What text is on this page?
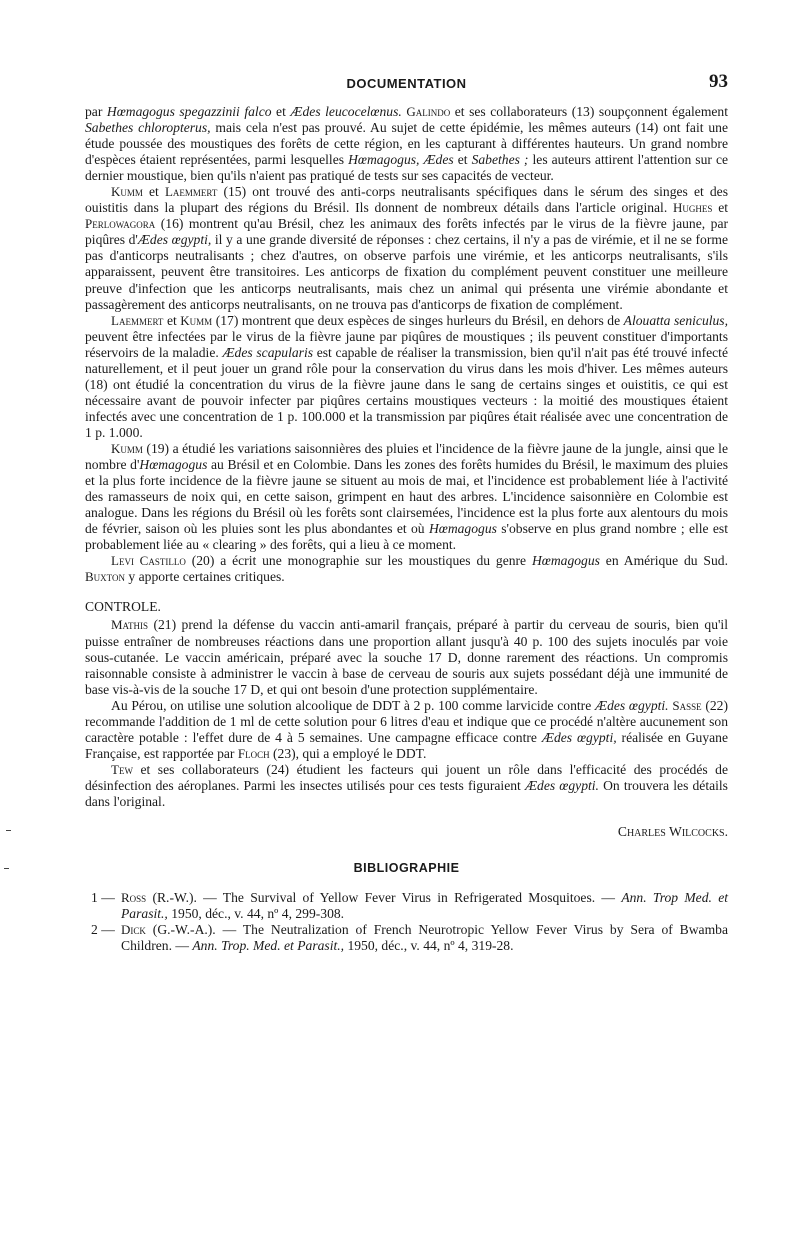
DOCUMENTATION	93

par Hœmagogus spegazzinii falco et Ædes leucocelœnus. Galindo et ses collaborateurs (13) soupçonnent également Sabethes chloropterus, mais cela n'est pas prouvé. Au sujet de cette épidémie, les mêmes auteurs (14) ont fait une étude poussée des moustiques des forêts de cette région, en les capturant à différentes hauteurs. Un grand nombre d'espèces étaient représentées, parmi lesquelles Hœmagogus, Ædes et Sabethes ; les auteurs attirent l'attention sur ce dernier moustique, bien qu'ils n'aient pas pratiqué de tests sur ses capacités de vecteur.

Kumm et Laemmert (15) ont trouvé des anti-corps neutralisants spécifiques dans le sérum des singes et des ouistitis dans la plupart des régions du Brésil. Ils donnent de nombreux détails dans l'article original. Hughes et Perlowagora (16) montrent qu'au Brésil, chez les animaux des forêts infectés par le virus de la fièvre jaune, par piqûres d'Ædes œgypti, il y a une grande diversité de réponses : chez certains, il n'y a pas de virémie, et il ne se forme pas d'anticorps neutralisants ; chez d'autres, on observe parfois une virémie, et les anticorps neutralisants, s'ils apparaissent, peuvent être transitoires. Les anticorps de fixation du complément peuvent constituer une meilleure preuve d'infection que les anticorps neutralisants, mais chez un animal qui présenta une virémie abondante et passagèrement des anticorps neutralisants, on ne trouva pas d'anticorps de fixation de complément.

Laemmert et Kumm (17) montrent que deux espèces de singes hurleurs du Brésil, en dehors de Alouatta seniculus, peuvent être infectées par le virus de la fièvre jaune par piqûres de moustiques ; ils peuvent constituer d'importants réservoirs de la maladie. Ædes scapularis est capable de réaliser la transmission, bien qu'il n'ait pas été trouvé infecté naturellement, et il peut jouer un grand rôle pour la conservation du virus dans les mois d'hiver. Les mêmes auteurs (18) ont étudié la concentration du virus de la fièvre jaune dans le sang de certains singes et ouistitis, ce qui est nécessaire avant de pouvoir infecter par piqûres certains moustiques vecteurs : la moitié des moustiques étaient infectés avec une concentration de 1 p. 100.000 et la transmission par piqûres était réalisée avec une concentration de 1 p. 1.000.

Kumm (19) a étudié les variations saisonnières des pluies et l'incidence de la fièvre jaune de la jungle, ainsi que le nombre d'Hœmagogus au Brésil et en Colombie. Dans les zones des forêts humides du Brésil, le maximum des pluies et la plus forte incidence de la fièvre jaune se situent au mois de mai, et l'incidence est probablement liée à l'activité des ramasseurs de noix qui, en cette saison, grimpent en haut des arbres. L'incidence saisonnière en Colombie est analogue. Dans les régions du Brésil où les forêts sont clairsemées, l'incidence est la plus forte aux alentours du mois de février, saison où les pluies sont les plus abondantes et où Hœmagogus s'observe en plus grand nombre ; elle est probablement liée au « clearing » des forêts, qui a lieu à ce moment.

Levi Castillo (20) a écrit une monographie sur les moustiques du genre Hœmagogus en Amérique du Sud. Buxton y apporte certaines critiques.

CONTROLE.

Mathis (21) prend la défense du vaccin anti-amaril français, préparé à partir du cerveau de souris, bien qu'il puisse entraîner de nombreuses réactions dans une proportion allant jusqu'à 40 p. 100 des sujets inoculés par voie sous-cutanée. Le vaccin américain, préparé avec la souche 17 D, donne rarement des réactions. Un compromis raisonnable consiste à administrer le vaccin à base de cerveau de souris aux sujets possédant déjà une immunité de base vis-à-vis de la souche 17 D, et qui ont besoin d'une protection supplémentaire.

Au Pérou, on utilise une solution alcoolique de DDT à 2 p. 100 comme larvicide contre Ædes œgypti. Sasse (22) recommande l'addition de 1 ml de cette solution pour 6 litres d'eau et indique que ce procédé n'altère aucunement son caractère potable : l'effet dure de 4 à 5 semaines. Une campagne efficace contre Ædes œgypti, réalisée en Guyane Française, est rapportée par Floch (23), qui a employé le DDT.

Tew et ses collaborateurs (24) étudient les facteurs qui jouent un rôle dans l'efficacité des procédés de désinfection des aéroplanes. Parmi les insectes utilisés pour ces tests figuraient Ædes œgypti. On trouvera les détails dans l'original.

Charles Wilcocks.
BIBLIOGRAPHIE

1 — Ross (R.-W.). — The Survival of Yellow Fever Virus in Refrigerated Mosquitoes. — Ann. Trop Med. et Parasit., 1950, déc., v. 44, nº 4, 299-308.

2 — Dick (G.-W.-A.). — The Neutralization of French Neurotropic Yellow Fever Virus by Sera of Bwamba Children. — Ann. Trop. Med. et Parasit., 1950, déc., v. 44, nº 4, 319-28.
